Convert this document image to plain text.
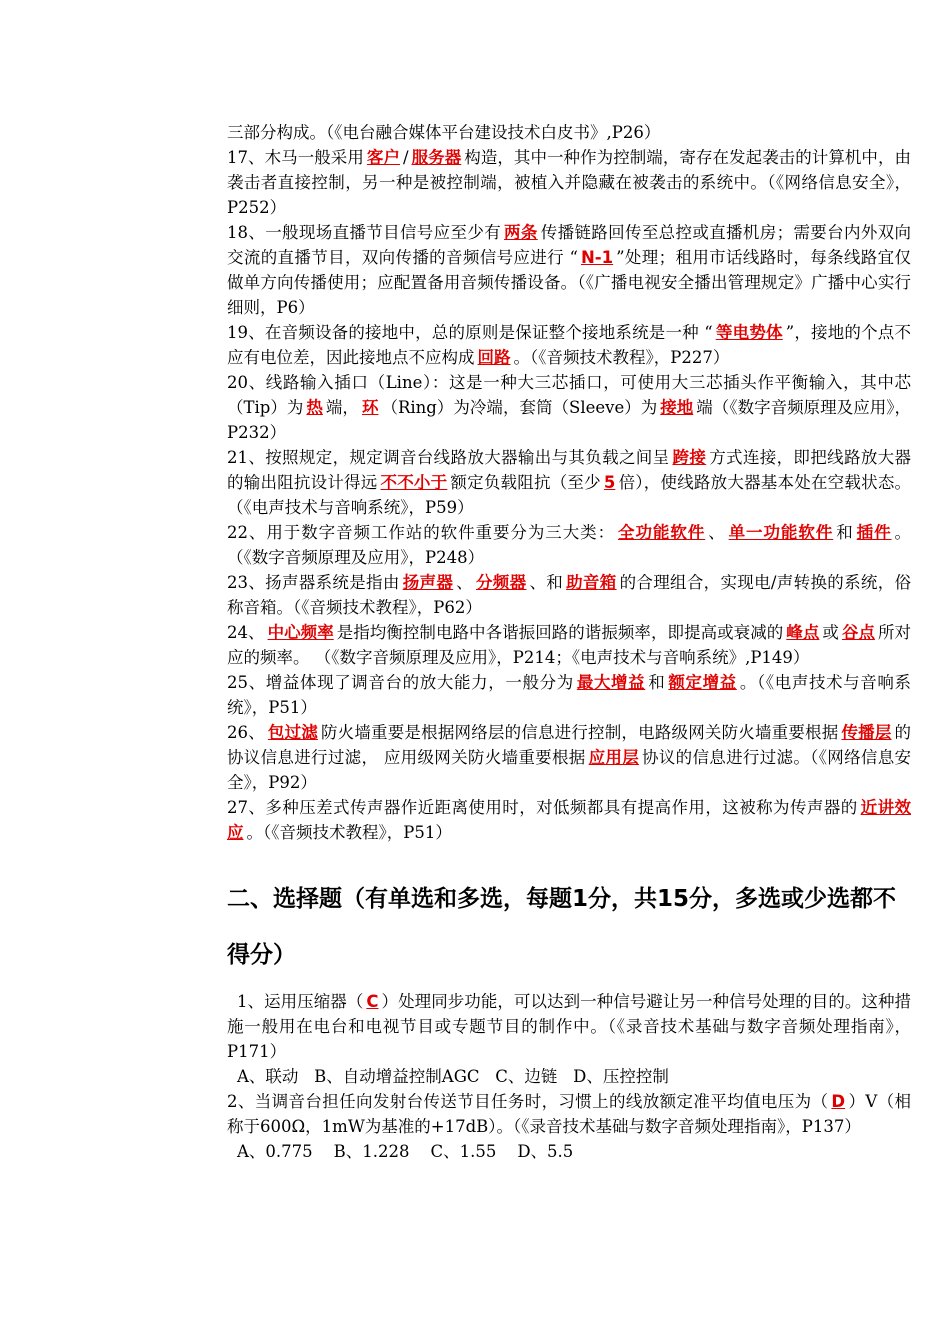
三部分构成。（《电台融合媒体平台建设技术白皮书》,P26）

17、木马一般采用 客户 / 服务器 构造，其中一种作为控制端，寄存在发起袭击的计算机中，由袭击者直接控制，另一种是被控制端，被植入并隐藏在被袭击的系统中。（《网络信息安全》，P252）

18、一般现场直播节目信号应至少有 两条 传播链路回传至总控或直播机房；需要台内外双向交流的直播节目，双向传播的音频信号应进行 “ N-1 ”处理；租用市话线路时，每条线路宜仅做单方向传播使用；应配置备用音频传播设备。（《广播电视安全播出管理规定》广播中心实行细则，P6）

19、在音频设备的接地中，总的原则是保证整个接地系统是一种 “ 等电势体 ”，接地的个点不应有电位差，因此接地点不应构成 回路 。（《音频技术教程》，P227）

20、线路输入插口（Line）：这是一种大三芯插口，可使用大三芯插头作平衡输入，其中芯（Tip）为 热 端， 环 （Ring）为冷端，套筒（Sleeve）为 接地 端（《数字音频原理及应用》，P232）

21、按照规定，规定调音台线路放大器输出与其负载之间呈 跨接 方式连接，即把线路放大器的输出阻抗设计得远 不不小于 额定负载阻抗（至少 5 倍），使线路放大器基本处在空载状态。（《电声技术与音响系统》，P59）

22、用于数字音频工作站的软件重要分为三大类： 全功能软件 、 单一功能软件 和 插件 。 （《数字音频原理及应用》，P248）

23、扬声器系统是指由 扬声器 、 分频器 、和 助音箱 的合理组合，实现电/声转换的系统，俗称音箱。（《音频技术教程》，P62）

24、 中心频率 是指均衡控制电路中各谐振回路的谐振频率，即提高或衰减的 峰点 或 谷点 所对应的频率。 （《数字音频原理及应用》，P214；《电声技术与音响系统》,P149）

25、增益体现了调音台的放大能力，一般分为 最大增益 和 额定增益 。（《电声技术与音响系统》，P51）

26、 包过滤 防火墙重要是根据网络层的信息进行控制，电路级网关防火墙重要根据 传播层 的协议信息进行过滤， 应用级网关防火墙重要根据 应用层 协议的信息进行过滤。（《网络信息安全》，P92）

27、多种压差式传声器作近距离使用时，对低频都具有提高作用，这被称为传声器的 近讲效应 。（《音频技术教程》，P51）

二、选择题（有单选和多选，每题1分，共15分，多选或少选都不得分）

1、运用压缩器（ C ）处理同步功能，可以达到一种信号避让另一种信号处理的目的。这种措施一般用在电台和电视节目或专题节目的制作中。（《录音技术基础与数字音频处理指南》，P171）

A、联动   B、自动增益控制AGC   C、边链   D、压控控制

2、当调音台担任向发射台传送节目任务时，习惯上的线放额定准平均值电压为（ D ）V（相称于600Ω，1mW为基准的+17dB）。（《录音技术基础与数字音频处理指南》，P137）

A、0.775    B、1.228    C、1.55    D、5.5
